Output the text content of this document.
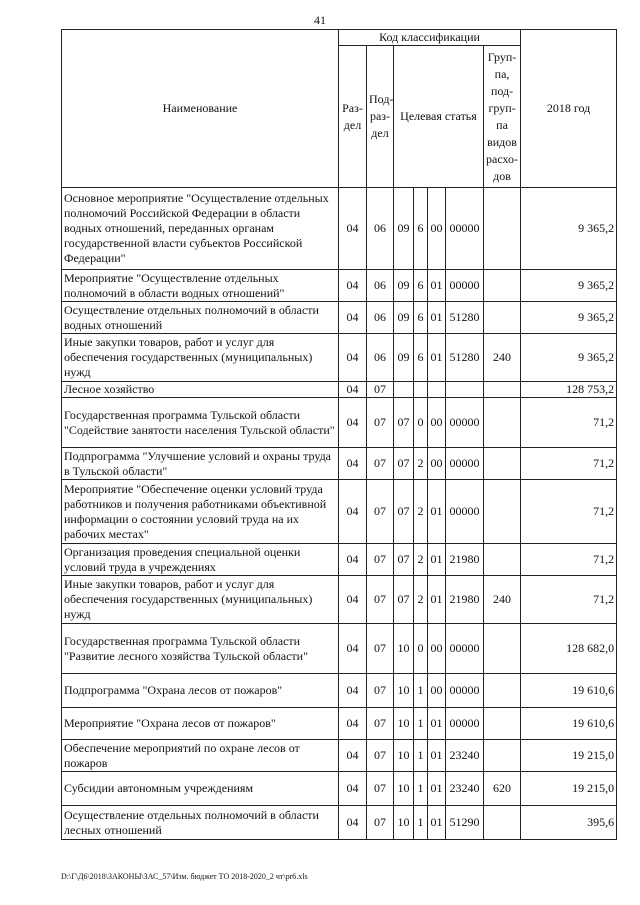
41
Наименование	Код классификации							2018 год
	Раз-дел	Под-раз-дел	Целевая статья				Груп-па, под-груп-па видов расхо-дов	
Основное мероприятие "Осуществление отдельных полномочий Российской Федерации в области водных отношений, переданных органам государственной власти субъектов Российской Федерации"	04	06	09	6	00	00000		9 365,2
Мероприятие "Осуществление отдельных полномочий в области водных отношений"	04	06	09	6	01	00000		9 365,2
Осуществление отдельных полномочий в области водных отношений	04	06	09	6	01	51280		9 365,2
Иные закупки товаров, работ и услуг для обеспечения государственных (муниципальных) нужд	04	06	09	6	01	51280	240	9 365,2
Лесное хозяйство	04	07						128 753,2
Государственная программа Тульской области "Содействие занятости населения Тульской области"	04	07	07	0	00	00000		71,2
Подпрограмма "Улучшение условий и охраны труда в Тульской области"	04	07	07	2	00	00000		71,2
Мероприятие "Обеспечение оценки условий труда работников и получения работниками объективной информации о состоянии условий труда на их рабочих местах"	04	07	07	2	01	00000		71,2
Организация проведения специальной оценки условий труда в учреждениях	04	07	07	2	01	21980		71,2
Иные закупки товаров, работ и услуг для обеспечения государственных (муниципальных) нужд	04	07	07	2	01	21980	240	71,2
Государственная программа Тульской области "Развитие лесного хозяйства Тульской области"	04	07	10	0	00	00000		128 682,0
Подпрограмма "Охрана лесов от пожаров"	04	07	10	1	00	00000		19 610,6
Мероприятие "Охрана лесов от пожаров"	04	07	10	1	01	00000		19 610,6
Обеспечение мероприятий по охране лесов от пожаров	04	07	10	1	01	23240		19 215,0
Субсидии автономным учреждениям	04	07	10	1	01	23240	620	19 215,0
Осуществление отдельных полномочий в области лесных отношений	04	07	10	1	01	51290		395,6
D:\Г\Д6\2018\ЗАКОНЫ\ЗАС_57\Изм. бюджет ТО 2018-2020_2 чт\pr6.xls
